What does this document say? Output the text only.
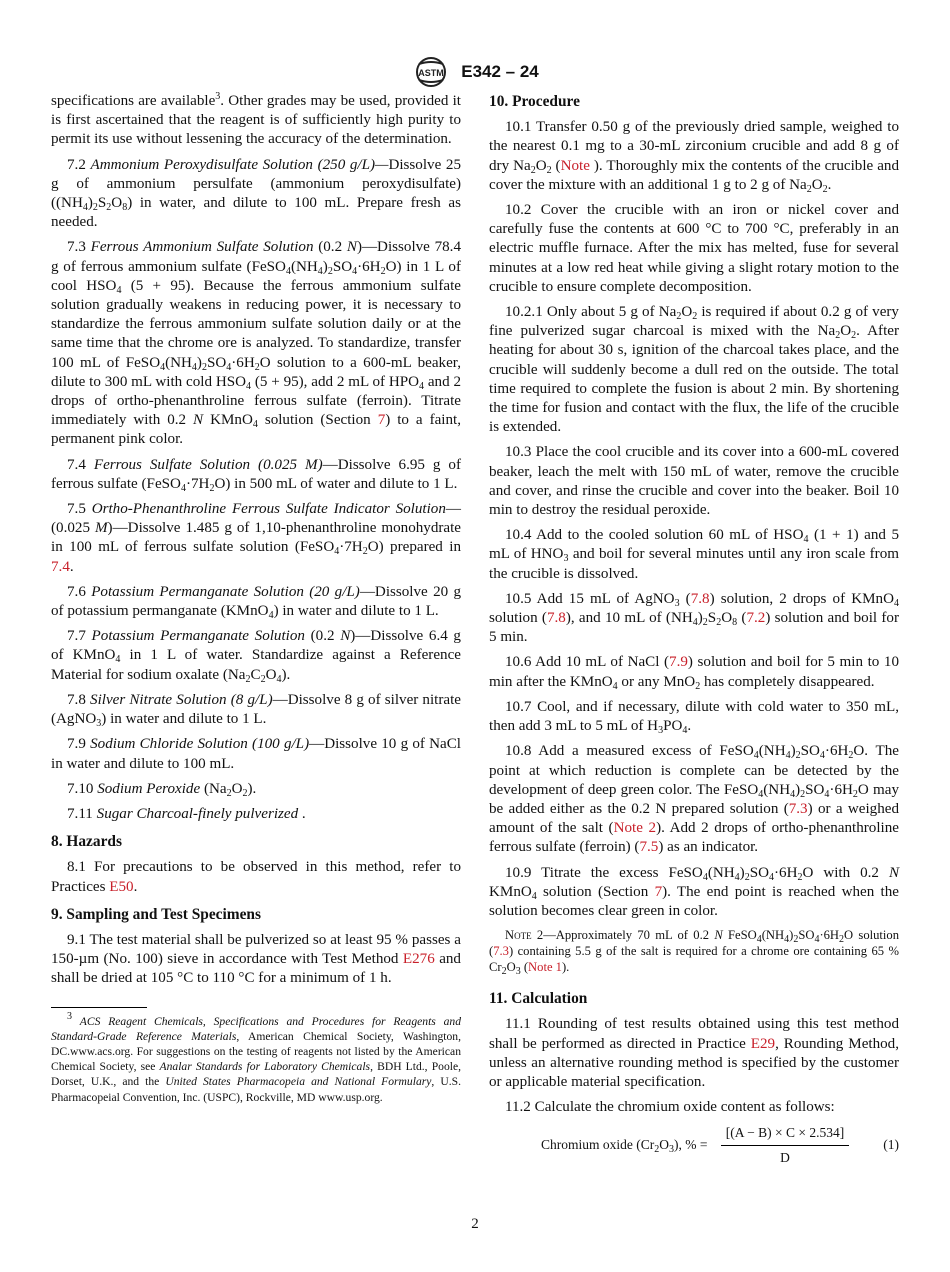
ASTM E342 – 24

specifications are available$^3$. Other grades may be used, provided it is first ascertained that the reagent is of sufficiently high purity to permit its use without lessening the accuracy of the determination.

7.2 Ammonium Peroxydisulfate Solution (250 g/L)—Dissolve 25 g of ammonium persulfate (ammonium peroxydisulfate) $((NH_4)_2S_2O_8)$ in water, and dilute to 100 mL. Prepare fresh as needed.

7.3 Ferrous Ammonium Sulfate Solution (0.2 N)—Dissolve 78.4 g of ferrous ammonium sulfate $(FeSO_4(NH_4)_2SO_4\cdot 6H_2O)$ in 1 L of cool $HSO_4$ (5 + 95). Because the ferrous ammonium sulfate solution gradually weakens in reducing power, it is necessary to standardize the ferrous ammonium sulfate solution daily or at the same time that the chrome ore is analyzed. To standardize, transfer 100 mL of $FeSO_4(NH_4)_2SO_4\cdot 6H_2O$ solution to a 600-mL beaker, dilute to 300 mL with cold $HSO_4$ (5 + 95), add 2 mL of $HPO_4$ and 2 drops of ortho-phenanthroline ferrous sulfate (ferroin). Titrate immediately with 0.2 N KMnO$_4$ solution (Section 7) to a faint, permanent pink color.

7.4 Ferrous Sulfate Solution (0.025 M)—Dissolve 6.95 g of ferrous sulfate $(FeSO_4\cdot 7H_2O)$ in 500 mL of water and dilute to 1 L.

7.5 Ortho-Phenanthroline Ferrous Sulfate Indicator Solution—(0.025 M)—Dissolve 1.485 g of 1,10-phenanthroline monohydrate in 100 mL of ferrous sulfate solution $(FeSO_4\cdot 7H_2O)$ prepared in 7.4.

7.6 Potassium Permanganate Solution (20 g/L)—Dissolve 20 g of potassium permanganate (KMnO$_4$) in water and dilute to 1 L.

7.7 Potassium Permanganate Solution (0.2 N)—Dissolve 6.4 g of KMnO$_4$ in 1 L of water. Standardize against a Reference Material for sodium oxalate $(Na_2C_2O_4)$.

7.8 Silver Nitrate Solution (8 g/L)—Dissolve 8 g of silver nitrate (AgNO$_3$) in water and dilute to 1 L.

7.9 Sodium Chloride Solution (100 g/L)—Dissolve 10 g of NaCl in water and dilute to 100 mL.

7.10 Sodium Peroxide $(Na_2O_2)$.

7.11 Sugar Charcoal-finely pulverized .

8. Hazards

8.1 For precautions to be observed in this method, refer to Practices E50.

9. Sampling and Test Specimens

9.1 The test material shall be pulverized so at least 95 % passes a 150-µm (No. 100) sieve in accordance with Test Method E276 and shall be dried at 105 °C to 110 °C for a minimum of 1 h.

$^3$ ACS Reagent Chemicals, Specifications and Procedures for Reagents and Standard-Grade Reference Materials, American Chemical Society, Washington, DC.www.acs.org. For suggestions on the testing of reagents not listed by the American Chemical Society, see Analar Standards for Laboratory Chemicals, BDH Ltd., Poole, Dorset, U.K., and the United States Pharmacopeia and National Formulary, U.S. Pharmacopeial Convention, Inc. (USPC), Rockville, MD www.usp.org.

10. Procedure

10.1 Transfer 0.50 g of the previously dried sample, weighed to the nearest 0.1 mg to a 30-mL zirconium crucible and add 8 g of dry $Na_2O_2$ (Note ). Thoroughly mix the contents of the crucible and cover the mixture with an additional 1 g to 2 g of $Na_2O_2$.

10.2 Cover the crucible with an iron or nickel cover and carefully fuse the contents at 600 °C to 700 °C, preferably in an electric muffle furnace. After the mix has melted, fuse for several minutes at a low red heat while giving a slight rotary motion to the crucible to ensure complete decomposition.

10.2.1 Only about 5 g of $Na_2O_2$ is required if about 0.2 g of very fine pulverized sugar charcoal is mixed with the $Na_2O_2$. After heating for about 30 s, ignition of the charcoal takes place, and the crucible will suddenly become a dull red on the outside. The total time required to complete the fusion is about 2 min. By shortening the time for fusion and contact with the flux, the life of the crucible is extended.

10.3 Place the cool crucible and its cover into a 600-mL covered beaker, leach the melt with 150 mL of water, remove the crucible and cover, and rinse the crucible and cover into the beaker. Boil 10 min to destroy the residual peroxide.

10.4 Add to the cooled solution 60 mL of $HSO_4$ (1 + 1) and 5 mL of $HNO_3$ and boil for several minutes until any iron scale from the crucible is dissolved.

10.5 Add 15 mL of AgNO$_3$ (7.8) solution, 2 drops of KMnO$_4$ solution (7.8), and 10 mL of $(NH_4)_2S_2O_8$ (7.2) solution and boil for 5 min.

10.6 Add 10 mL of NaCl (7.9) solution and boil for 5 min to 10 min after the KMnO$_4$ or any MnO$_2$ has completely disappeared.

10.7 Cool, and if necessary, dilute with cold water to 350 mL, then add 3 mL to 5 mL of $H_3PO_4$.

10.8 Add a measured excess of $FeSO_4(NH_4)_2SO_4\cdot 6H_2O$. The point at which reduction is complete can be detected by the development of deep green color. The $FeSO_4(NH_4)_2SO_4\cdot 6H_2O$ may be added either as the 0.2 N prepared solution (7.3) or a weighed amount of the salt (Note 2). Add 2 drops of ortho-phenanthroline ferrous sulfate (ferroin) (7.5) as an indicator.

10.9 Titrate the excess $FeSO_4(NH_4)_2SO_4\cdot 6H_2O$ with 0.2 N KMnO$_4$ solution (Section 7). The end point is reached when the solution becomes clear green in color.

Note 2—Approximately 70 mL of 0.2 N $FeSO_4(NH_4)_2SO_4\cdot 6H_2O$ solution (7.3) containing 5.5 g of the salt is required for a chrome ore containing 65 % $Cr_2O_3$ (Note 1).

11. Calculation

11.1 Rounding of test results obtained using this test method shall be performed as directed in Practice E29, Rounding Method, unless an alternative rounding method is specified by the customer or applicable material specification.

11.2 Calculate the chromium oxide content as follows:

Chromium oxide $(Cr_2O_3)$, % = $\frac{[(A - B) \times C \times 2.534]}{D}$	(1)
2
